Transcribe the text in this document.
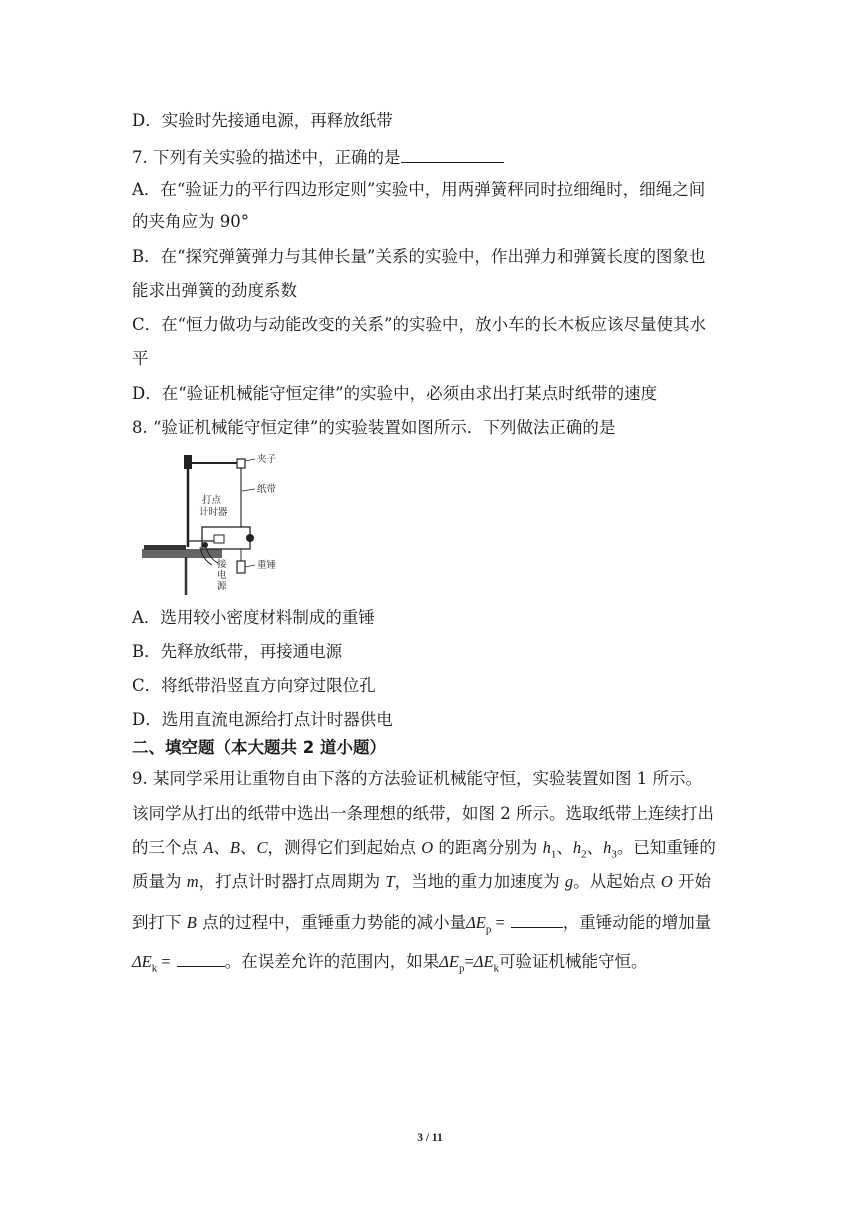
D．实验时先接通电源，再释放纸带
7. 下列有关实验的描述中，正确的是
A．在“验证力的平行四边形定则”实验中，用两弹簧秤同时拉细绳时，细绳之间
的夹角应为 90°
B．在“探究弹簧弹力与其伸长量”关系的实验中，作出弹力和弹簧长度的图象也
能求出弹簧的劲度系数
C．在“恒力做功与动能改变的关系”的实验中，放小车的长木板应该尽量使其水
平
D．在“验证机械能守恒定律”的实验中，必须由求出打某点时纸带的速度
8. “验证机械能守恒定律”的实验装置如图所示．下列做法正确的是
夹子
纸带
打点
计时器
接
电
源
重锤
A．选用较小密度材料制成的重锤
B．先释放纸带，再接通电源
C．将纸带沿竖直方向穿过限位孔
D．选用直流电源给打点计时器供电
二、填空题（本大题共 2 道小题）
9. 某同学采用让重物自由下落的方法验证机械能守恒，实验装置如图 1 所示。
该同学从打出的纸带中选出一条理想的纸带，如图 2 所示。选取纸带上连续打出
的三个点 A、B、C，测得它们到起始点 O 的距离分别为 $h_1$、$h_2$、$h_3$。已知重锤的
质量为 m，打点计时器打点周期为 T，当地的重力加速度为 g。从起始点 O 开始
到打下 B 点的过程中，重锤重力势能的减小量$\Delta E_p$ =	，重锤动能的增加量
$\Delta E_k$ =	。在误差允许的范围内，如果$\Delta E_p=\Delta E_k$可验证机械能守恒。
3 / 11
